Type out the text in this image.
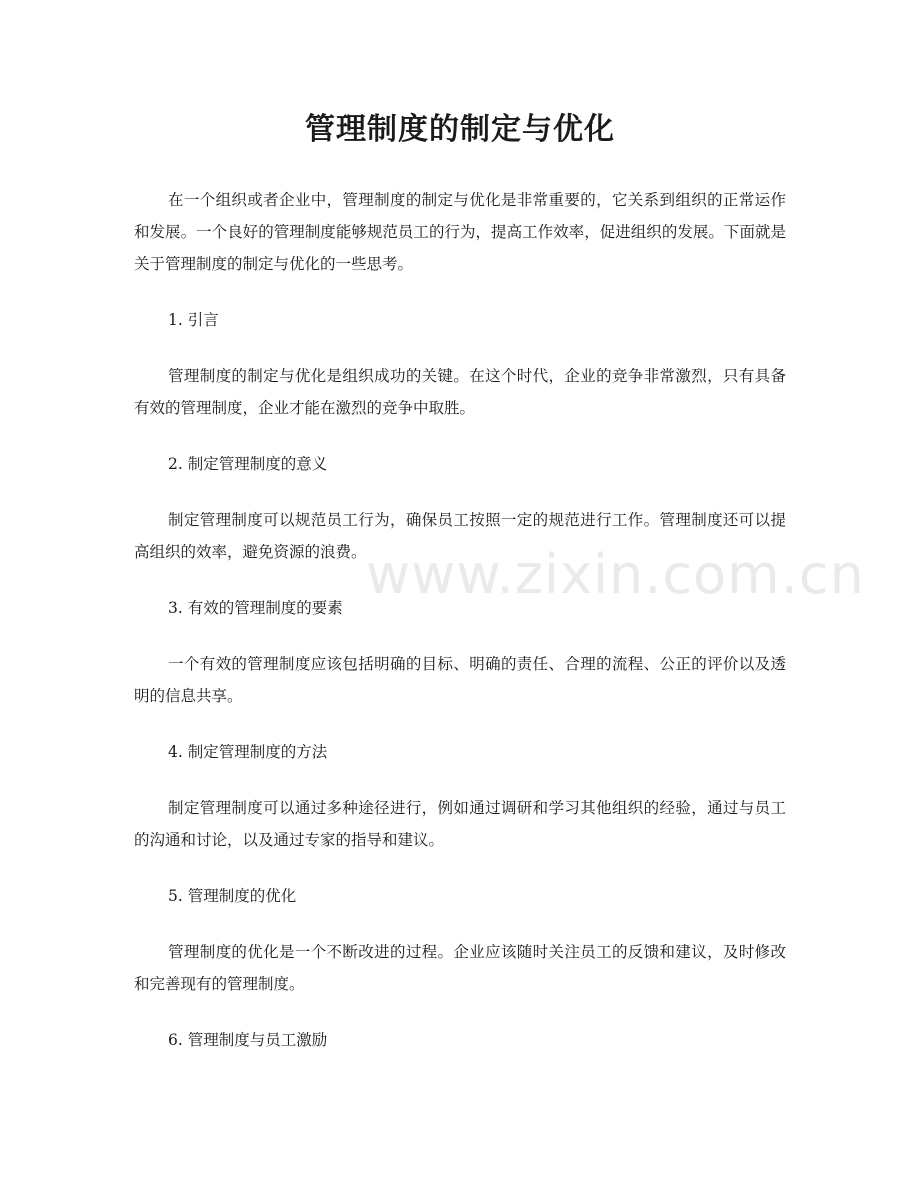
管理制度的制定与优化

在一个组织或者企业中，管理制度的制定与优化是非常重要的，它关系到组织的正常运作和发展。一个良好的管理制度能够规范员工的行为，提高工作效率，促进组织的发展。下面就是关于管理制度的制定与优化的一些思考。

1. 引言

管理制度的制定与优化是组织成功的关键。在这个时代，企业的竞争非常激烈，只有具备有效的管理制度，企业才能在激烈的竞争中取胜。

2. 制定管理制度的意义

制定管理制度可以规范员工行为，确保员工按照一定的规范进行工作。管理制度还可以提高组织的效率，避免资源的浪费。

3. 有效的管理制度的要素

一个有效的管理制度应该包括明确的目标、明确的责任、合理的流程、公正的评价以及透明的信息共享。

4. 制定管理制度的方法

制定管理制度可以通过多种途径进行，例如通过调研和学习其他组织的经验，通过与员工的沟通和讨论，以及通过专家的指导和建议。

5. 管理制度的优化

管理制度的优化是一个不断改进的过程。企业应该随时关注员工的反馈和建议，及时修改和完善现有的管理制度。

6. 管理制度与员工激励

www.zixin.com.cn
